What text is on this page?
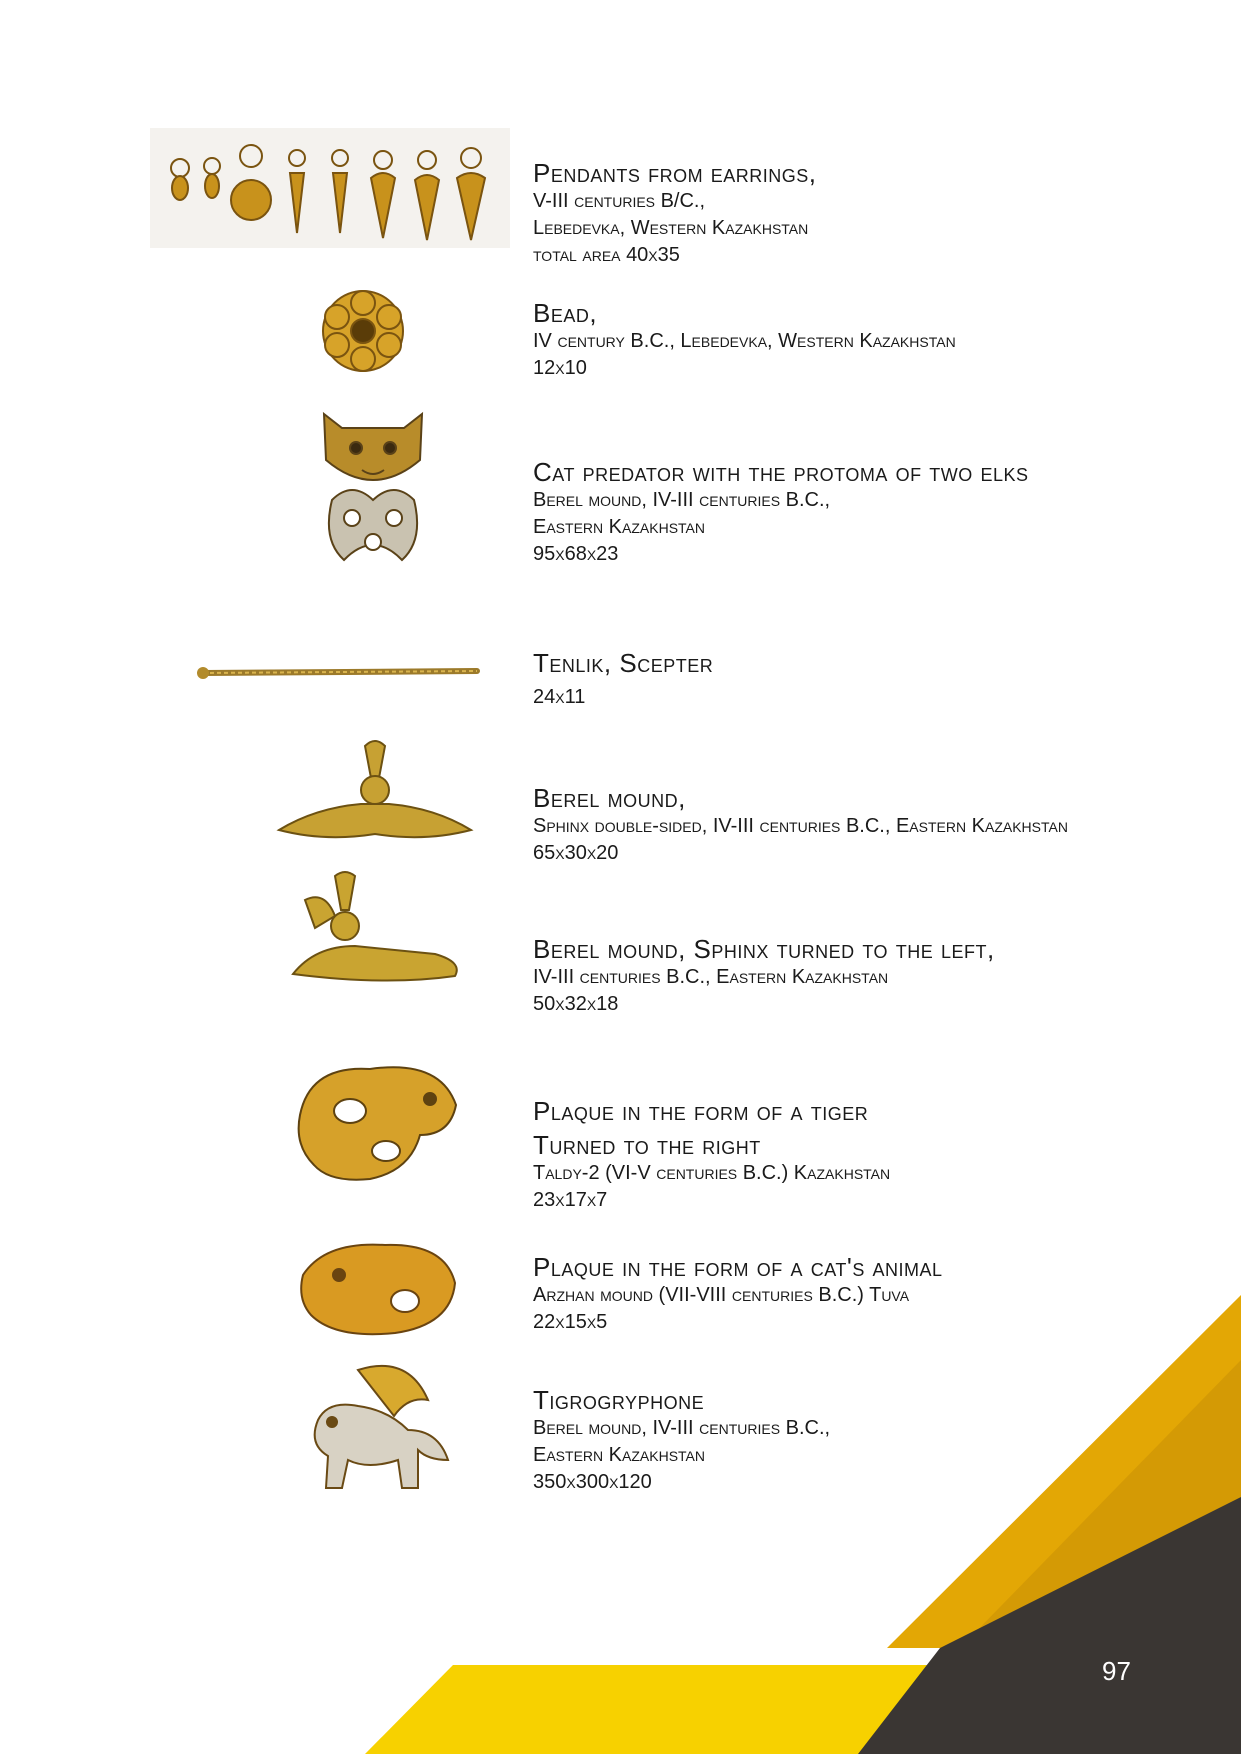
Pendants from earrings,

V-III centuries B/C.,

Lebedevka, Western Kazakhstan

total area 40x35

Bead,

IV century B.C., Lebedevka, Western Kazakhstan

12x10

Cat predator with the protoma of two elks

Berel mound, IV-III centuries B.C.,

Eastern Kazakhstan

95x68x23

Tenlik, Scepter

24x11

Berel mound,

Sphinx double-sided, IV-III centuries B.C., Eastern Kazakhstan

65x30x20

Berel mound, Sphinx turned to the left,

IV-III centuries B.C., Eastern Kazakhstan

50x32x18

Plaque in the form of a tiger

Turned to the right

Taldy-2 (VI-V centuries B.C.) Kazakhstan

23x17x7

Plaque in the form of a cat's animal

Arzhan mound (VII-VIII centuries B.C.) Tuva

22x15x5

Tigrogryphone

Berel mound, IV-III centuries B.C.,

Eastern Kazakhstan

350x300x120

97
